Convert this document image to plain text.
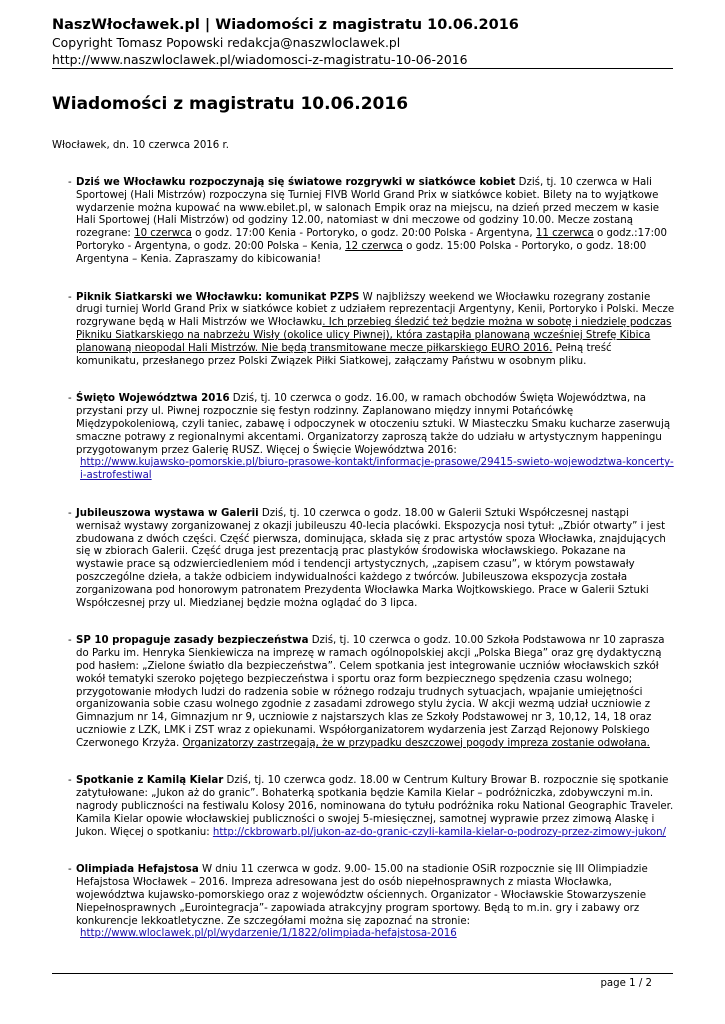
NaszWłocławek.pl | Wiadomości z magistratu 10.06.2016
Copyright Tomasz Popowski redakcja@naszwloclawek.pl
http://www.naszwloclawek.pl/wiadomosci-z-magistratu-10-06-2016
Wiadomości z magistratu 10.06.2016
Włocławek, dn. 10 czerwca 2016 r.
- Dziś we Włocławku rozpoczynają się światowe rozgrywki w siatkówce kobiet Dziś, tj. 10 czerwca w Hali Sportowej (Hali Mistrzów) rozpoczyna się Turniej FIVB World Grand Prix w siatkówce kobiet. Bilety na to wyjątkowe wydarzenie można kupować na www.ebilet.pl, w salonach Empik oraz na miejscu, na dzień przed meczem w kasie Hali Sportowej (Hali Mistrzów) od godziny 12.00, natomiast w dni meczowe od godziny 10.00. Mecze zostaną rozegrane: 10 czerwca o godz. 17:00 Kenia - Portoryko, o godz. 20:00 Polska - Argentyna, 11 czerwca o godz.:17:00 Portoryko - Argentyna, o godz. 20:00 Polska – Kenia, 12 czerwca o godz. 15:00 Polska - Portoryko, o godz. 18:00 Argentyna – Kenia. Zapraszamy do kibicowania!
- Piknik Siatkarski we Włocławku: komunikat PZPS W najbliższy weekend we Włocławku rozegrany zostanie drugi turniej World Grand Prix w siatkówce kobiet z udziałem reprezentacji Argentyny, Kenii, Portoryko i Polski. Mecze rozgrywane będą w Hali Mistrzów we Włocławku. Ich przebieg śledzić też będzie można w sobotę i niedzielę podczas Pikniku Siatkarskiego na nabrzeżu Wisły (okolice ulicy Piwnej), która zastąpiła planowaną wcześniej Strefę Kibica planowaną nieopodal Hali Mistrzów. Nie będą transmitowane mecze piłkarskiego EURO 2016. Pełną treść komunikatu, przesłanego przez Polski Związek Piłki Siatkowej, załączamy Państwu w osobnym pliku.
- Święto Województwa 2016 Dziś, tj. 10 czerwca o godz. 16.00, w ramach obchodów Święta Województwa, na przystani przy ul. Piwnej rozpocznie się festyn rodzinny. Zaplanowano między innymi Potańcówkę Międzypokoleniową, czyli taniec, zabawę i odpoczynek w otoczeniu sztuki. W Miasteczku Smaku kucharze zaserwują smaczne potrawy z regionalnymi akcentami. Organizatorzy zaproszą także do udziału w artystycznym happeningu przygotowanym przez Galerię RUSZ. Więcej o Święcie Województwa 2016:
http://www.kujawsko-pomorskie.pl/biuro-prasowe-kontakt/informacje-prasowe/29415-swieto-wojewodztwa-koncerty-i-astrofestiwal
- Jubileuszowa wystawa w Galerii Dziś, tj. 10 czerwca o godz. 18.00 w Galerii Sztuki Współczesnej nastąpi wernisaż wystawy zorganizowanej z okazji jubileuszu 40-lecia placówki. Ekspozycja nosi tytuł: „Zbiór otwarty” i jest zbudowana z dwóch części. Część pierwsza, dominująca, składa się z prac artystów spoza Włocławka, znajdujących się w zbiorach Galerii. Część druga jest prezentacją prac plastyków środowiska włocławskiego. Pokazane na wystawie prace są odzwierciedleniem mód i tendencji artystycznych, „zapisem czasu”, w którym powstawały poszczególne dzieła, a także odbiciem indywidualności każdego z twórców. Jubileuszowa ekspozycja została zorganizowana pod honorowym patronatem Prezydenta Włocławka Marka Wojtkowskiego. Prace w Galerii Sztuki Współczesnej przy ul. Miedzianej będzie można oglądać do 3 lipca.
- SP 10 propaguje zasady bezpieczeństwa Dziś, tj. 10 czerwca o godz. 10.00 Szkoła Podstawowa nr 10 zaprasza do Parku im. Henryka Sienkiewicza na imprezę w ramach ogólnopolskiej akcji „Polska Biega” oraz grę dydaktyczną pod hasłem: „Zielone światło dla bezpieczeństwa”. Celem spotkania jest integrowanie uczniów włocławskich szkół wokół tematyki szeroko pojętego bezpieczeństwa i sportu oraz form bezpiecznego spędzenia czasu wolnego; przygotowanie młodych ludzi do radzenia sobie w różnego rodzaju trudnych sytuacjach, wpajanie umiejętności organizowania sobie czasu wolnego zgodnie z zasadami zdrowego stylu życia. W akcji wezmą udział uczniowie z Gimnazjum nr 14, Gimnazjum nr 9, uczniowie z najstarszych klas ze Szkoły Podstawowej nr 3, 10,12, 14, 18 oraz uczniowie z LZK, LMK i ZST wraz z opiekunami. Współorganizatorem wydarzenia jest Zarząd Rejonowy Polskiego Czerwonego Krzyża. Organizatorzy zastrzegają, że w przypadku deszczowej pogody impreza zostanie odwołana.
- Spotkanie z Kamilą Kielar Dziś, tj. 10 czerwca godz. 18.00 w Centrum Kultury Browar B. rozpocznie się spotkanie zatytułowane: „Jukon aż do granic”. Bohaterką spotkania będzie Kamila Kielar – podróżniczka, zdobywczyni m.in. nagrody publiczności na festiwalu Kolosy 2016, nominowana do tytułu podróżnika roku National Geographic Traveler. Kamila Kielar opowie włocławskiej publiczności o swojej 5-miesięcznej, samotnej wyprawie przez zimową Alaskę i Jukon. Więcej o spotkaniu: http://ckbrowarb.pl/jukon-az-do-granic-czyli-kamila-kielar-o-podrozy-przez-zimowy-jukon/
- Olimpiada Hefajstosa W dniu 11 czerwca w godz. 9.00- 15.00 na stadionie OSiR rozpocznie się III Olimpiadzie Hefajstosa Włocławek – 2016. Impreza adresowana jest do osób niepełnosprawnych z miasta Włocławka, województwa kujawsko-pomorskiego oraz z województw ościennych. Organizator - Włocławskie Stowarzyszenie Niepełnosprawnych „Eurointegracja”- zapowiada atrakcyjny program sportowy. Będą to m.in. gry i zabawy orz konkurencje lekkoatletyczne. Ze szczegółami można się zapoznać na stronie:
http://www.wloclawek.pl/pl/wydarzenie/1/1822/olimpiada-hefajstosa-2016
page 1 / 2
